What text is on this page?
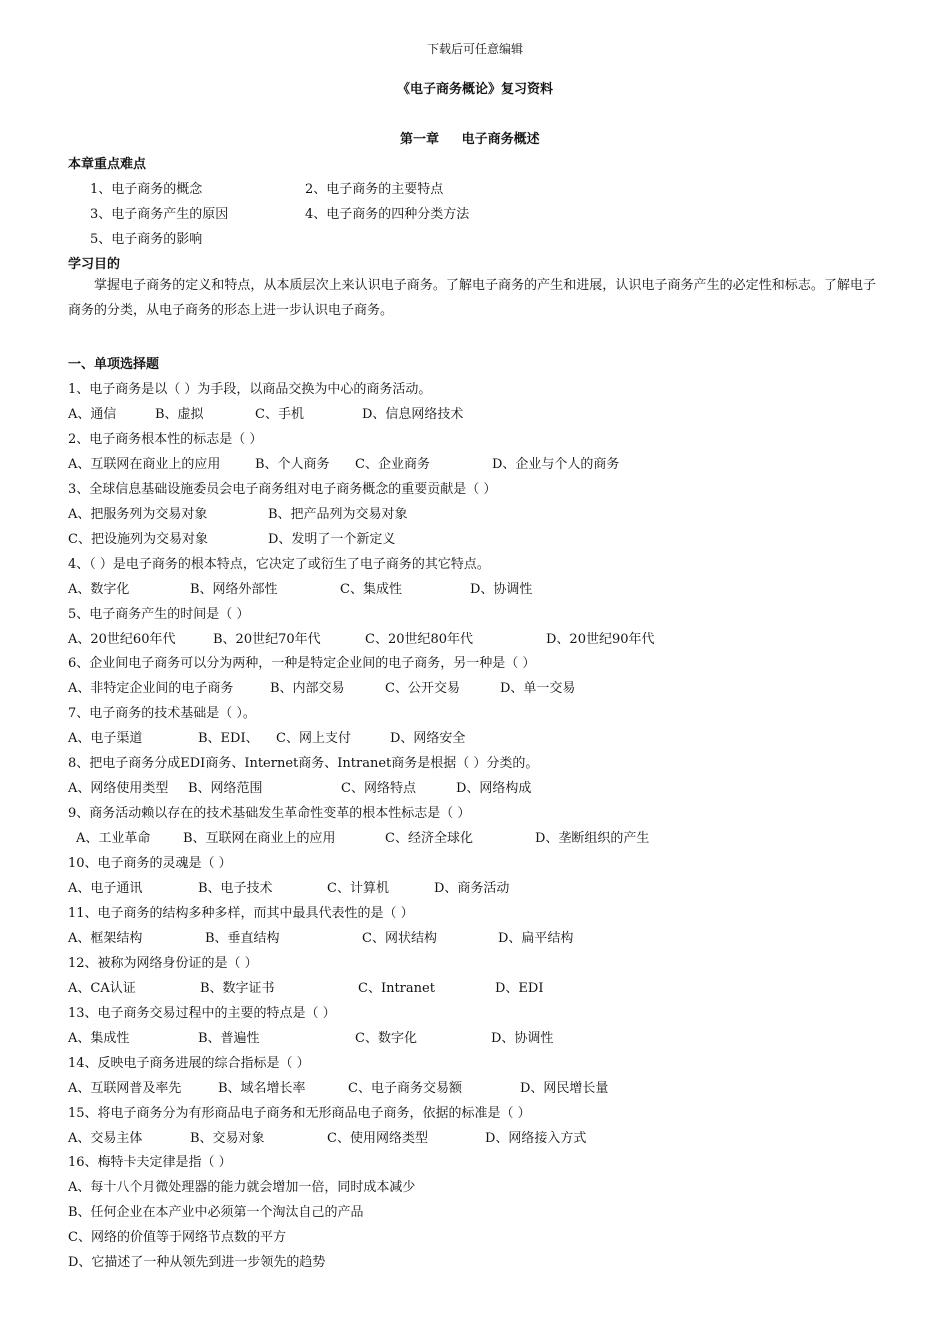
下载后可任意编辑
《电子商务概论》复习资料
第一章 电子商务概述
本章重点难点
1、电子商务的概念	2、电子商务的主要特点
3、电子商务产生的原因	4、电子商务的四种分类方法
5、电子商务的影响
学习目的
掌握电子商务的定义和特点，从本质层次上来认识电子商务。了解电子商务的产生和进展，认识电子商务产生的必定性和标志。了解电子商务的分类，从电子商务的形态上进一步认识电子商务。
一、单项选择题
1、电子商务是以（ ）为手段，以商品交换为中心的商务活动。
A、通信	B、虚拟	C、手机	D、信息网络技术
2、电子商务根本性的标志是（ ）
A、互联网在商业上的应用	B、个人商务 C、企业商务	D、企业与个人的商务
3、全球信息基础设施委员会电子商务组对电子商务概念的重要贡献是（ ）
A、把服务列为交易对象	B、把产品列为交易对象
C、把设施列为交易对象	D、发明了一个新定义
4、（ ）是电子商务的根本特点，它决定了或衍生了电子商务的其它特点。
A、数字化	B、网络外部性	C、集成性	D、协调性
5、电子商务产生的时间是（ ）
A、20世纪60年代	B、20世纪70年代	C、20世纪80年代	D、20世纪90年代
6、企业间电子商务可以分为两种，一种是特定企业间的电子商务，另一种是（ ）
A、非特定企业间的电子商务	B、内部交易	C、公开交易	D、单一交易
7、电子商务的技术基础是（ ）。
A、电子渠道	B、EDI、 C、网上支付	D、网络安全
8、把电子商务分成EDI商务、Internet商务、Intranet商务是根据（ ）分类的。
A、网络使用类型 B、网络范围	C、网络特点	D、网络构成
9、商务活动赖以存在的技术基础发生革命性变革的根本性标志是（ ）
A、工业革命	B、互联网在商业上的应用	C、经济全球化	D、垄断组织的产生
10、电子商务的灵魂是（ ）
A、电子通讯	B、电子技术	C、计算机	D、商务活动
11、电子商务的结构多种多样，而其中最具代表性的是（ ）
A、框架结构	B、垂直结构	C、网状结构	D、扁平结构
12、被称为网络身份证的是（ ）
A、CA认证	B、数字证书	C、Intranet	D、EDI
13、电子商务交易过程中的主要的特点是（ ）
A、集成性	B、普遍性	C、数字化	D、协调性
14、反映电子商务进展的综合指标是（ ）
A、互联网普及率先	B、域名增长率	C、电子商务交易额	D、网民增长量
15、将电子商务分为有形商品电子商务和无形商品电子商务，依据的标准是（ ）
A、交易主体	B、交易对象	C、使用网络类型	D、网络接入方式
16、梅特卡夫定律是指（ ）
A、每十八个月微处理器的能力就会增加一倍，同时成本减少
B、任何企业在本产业中必须第一个淘汰自己的产品
C、网络的价值等于网络节点数的平方
D、它描述了一种从领先到进一步领先的趋势
